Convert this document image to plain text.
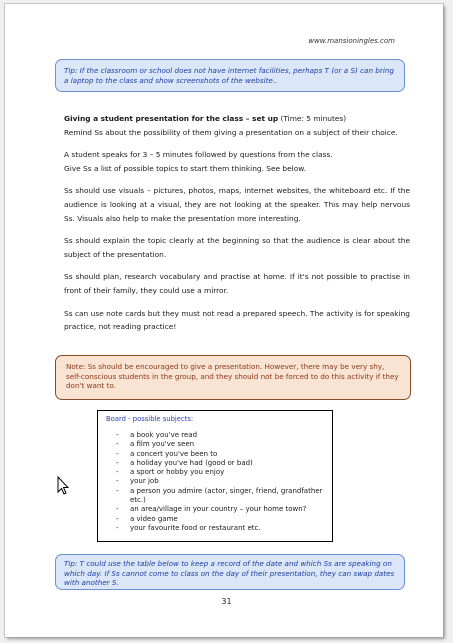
www.mansioningles.com
Tip: If the classroom or school does not have internet facilities, perhaps T (or a S) can bring a laptop to the class and show screenshots of the website..

Giving a student presentation for the class – set up (Time: 5 minutes)
Remind Ss about the possibility of them giving a presentation on a subject of their choice.

A student speaks for 3 – 5 minutes followed by questions from the class.
Give Ss a list of possible topics to start them thinking. See below.

Ss should use visuals – pictures, photos, maps, internet websites, the whiteboard etc. If the audience is looking at a visual, they are not looking at the speaker. This may help nervous Ss. Visuals also help to make the presentation more interesting.

Ss should explain the topic clearly at the beginning so that the audience is clear about the subject of the presentation.

Ss should plan, research vocabulary and practise at home. If it's not possible to practise in front of their family, they could use a mirror.

Ss can use note cards but they must not read a prepared speech. The activity is for speaking practice, not reading practice!

Note: Ss should be encouraged to give a presentation. However, there may be very shy, self-conscious students in the group, and they should not be forced to do this activity if they don't want to.
Board - possible subjects:
- a book you've read
- a film you've seen
- a concert you've been to
- a holiday you've had (good or bad)
- a sport or hobby you enjoy
- your job
- a person you admire (actor, singer, friend, grandfather etc.)
- an area/village in your country – your home town?
- a video game
- your favourite food or restaurant etc.
Tip: T could use the table below to keep a record of the date and which Ss are speaking on which day. If Ss cannot come to class on the day of their presentation, they can swap dates with another S.
31
